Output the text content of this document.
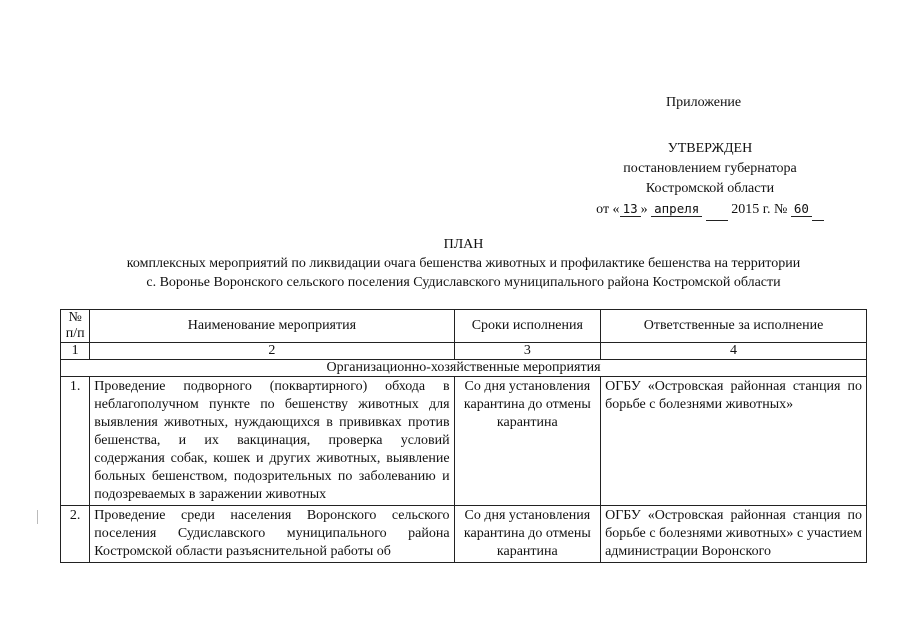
Приложение
УТВЕРЖДЕН
постановлением губернатора
Костромской области
от « 13 » апреля 2015 г. № 60
ПЛАН
комплексных мероприятий по ликвидации очага бешенства животных и профилактике бешенства на территории
с. Воронье Воронского сельского поселения Судиславского муниципального района Костромской области
№ п/п	Наименование мероприятия	Сроки исполнения	Ответственные за исполнение
1	2	3	4
Организационно-хозяйственные мероприятия			
1.	Проведение подворного (поквартирного) обхода в неблагополучном пункте по бешенству животных для выявления животных, нуждающихся в прививках против бешенства, и их вакцинация, проверка условий содержания собак, кошек и других животных, выявление больных бешенством, подозрительных по заболеванию и подозреваемых в заражении животных	Со дня установления карантина до отмены карантина	ОГБУ «Островская районная станция по борьбе с болезнями животных»
2.	Проведение среди населения Воронского сельского поселения Судиславского муниципального района Костромской области разъяснительной работы об	Со дня установления карантина до отмены карантина	ОГБУ «Островская районная станция по борьбе с болезнями животных» с участием администрации Воронского
